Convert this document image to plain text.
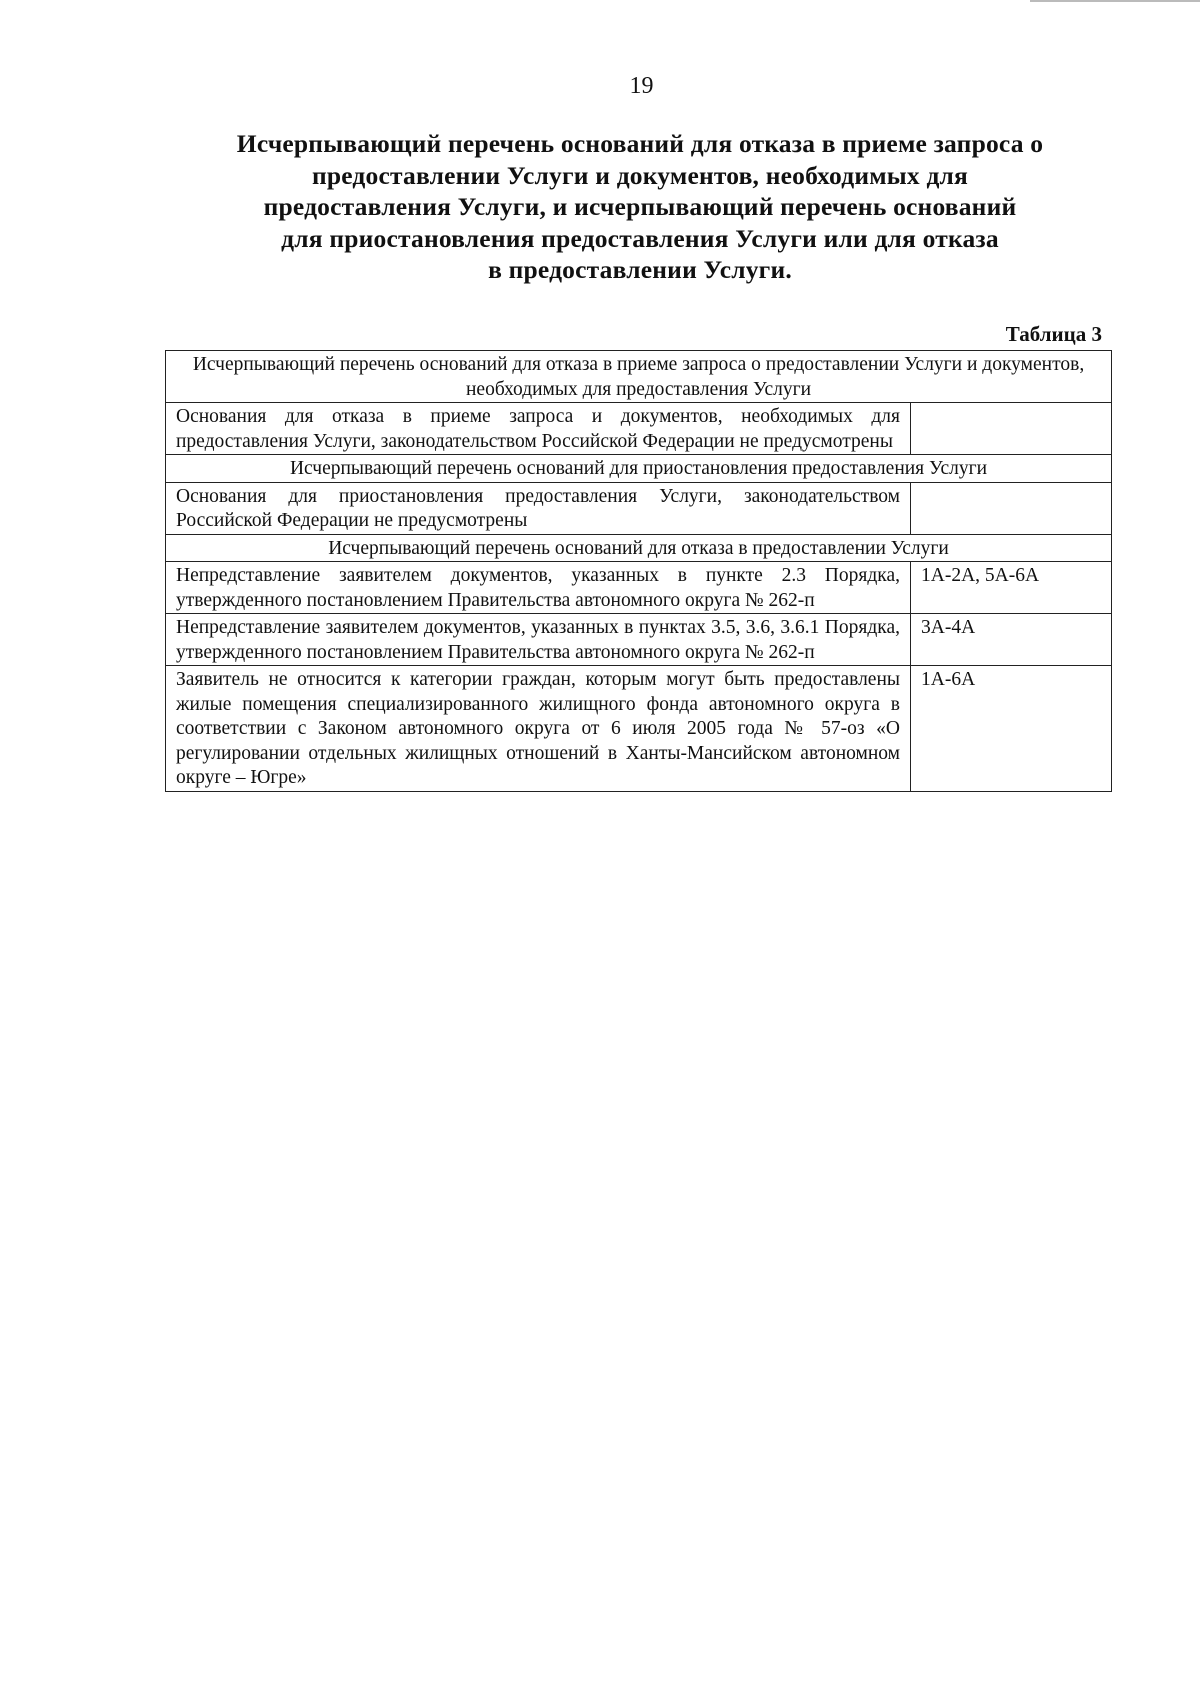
19
Исчерпывающий перечень оснований для отказа в приеме запроса о
предоставлении Услуги и документов, необходимых для
предоставления Услуги, и исчерпывающий перечень оснований
для приостановления предоставления Услуги или для отказа
в предоставлении Услуги.
Таблица 3
Исчерпывающий перечень оснований для отказа в приеме запроса о предоставлении Услуги и документов, необходимых для предоставления Услуги	
Основания для отказа в приеме запроса и документов, необходимых для предоставления Услуги, законодательством Российской Федерации не предусмотрены	
Исчерпывающий перечень оснований для приостановления предоставления Услуги	
Основания для приостановления предоставления Услуги, законодательством Российской Федерации не предусмотрены	
Исчерпывающий перечень оснований для отказа в предоставлении Услуги	
Непредставление заявителем документов, указанных в пункте 2.3 Порядка, утвержденного постановлением Правительства автономного округа № 262-п	1А-2А, 5А-6А
Непредставление заявителем документов, указанных в пунктах 3.5, 3.6, 3.6.1 Порядка, утвержденного постановлением Правительства автономного округа № 262-п	3А-4А
Заявитель не относится к категории граждан, которым могут быть предоставлены жилые помещения специализированного жилищного фонда автономного округа в соответствии с Законом автономного округа от 6 июля 2005 года № 57-оз «О регулировании отдельных жилищных отношений в Ханты-Мансийском автономном округе – Югре»	1А-6А
